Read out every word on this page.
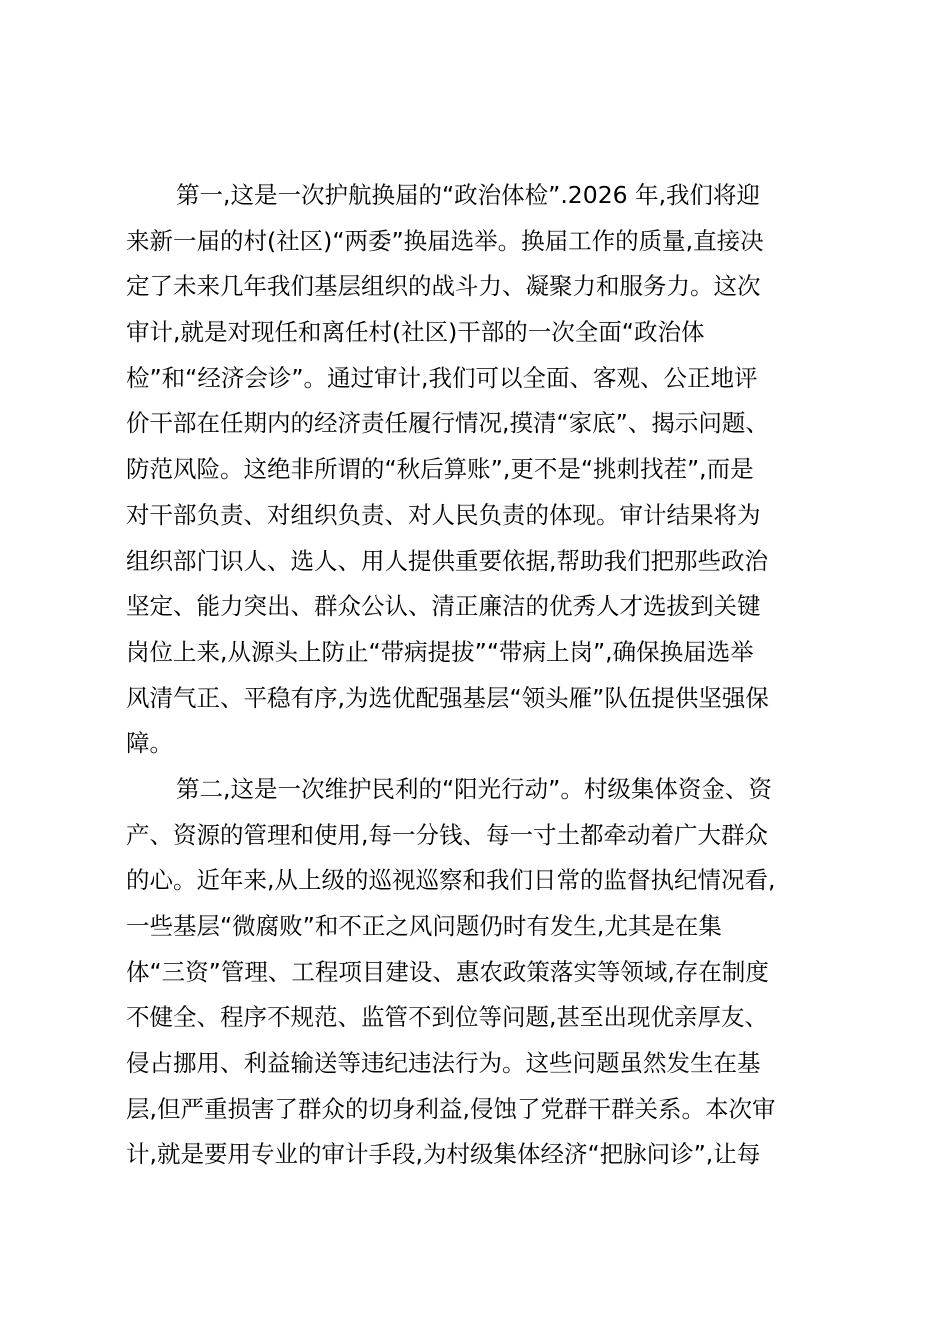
第一,这是一次护航换届的“政治体检”.2026 年,我们将迎
来新一届的村(社区)“两委”换届选举。换届工作的质量,直接决
定了未来几年我们基层组织的战斗力、凝聚力和服务力。这次
审计,就是对现任和离任村(社区)干部的一次全面“政治体
检”和“经济会诊”。通过审计,我们可以全面、客观、公正地评
价干部在任期内的经济责任履行情况,摸清“家底”、揭示问题、
防范风险。这绝非所谓的“秋后算账”,更不是“挑刺找茬”,而是
对干部负责、对组织负责、对人民负责的体现。审计结果将为
组织部门识人、选人、用人提供重要依据,帮助我们把那些政治
坚定、能力突出、群众公认、清正廉洁的优秀人才选拔到关键
岗位上来,从源头上防止“带病提拔”“带病上岗”,确保换届选举
风清气正、平稳有序,为选优配强基层“领头雁”队伍提供坚强保
障。
第二,这是一次维护民利的“阳光行动”。村级集体资金、资
产、资源的管理和使用,每一分钱、每一寸土都牵动着广大群众
的心。近年来,从上级的巡视巡察和我们日常的监督执纪情况看,
一些基层“微腐败”和不正之风问题仍时有发生,尤其是在集
体“三资”管理、工程项目建设、惠农政策落实等领域,存在制度
不健全、程序不规范、监管不到位等问题,甚至出现优亲厚友、
侵占挪用、利益输送等违纪违法行为。这些问题虽然发生在基
层,但严重损害了群众的切身利益,侵蚀了党群干群关系。本次审
计,就是要用专业的审计手段,为村级集体经济“把脉问诊”,让每
